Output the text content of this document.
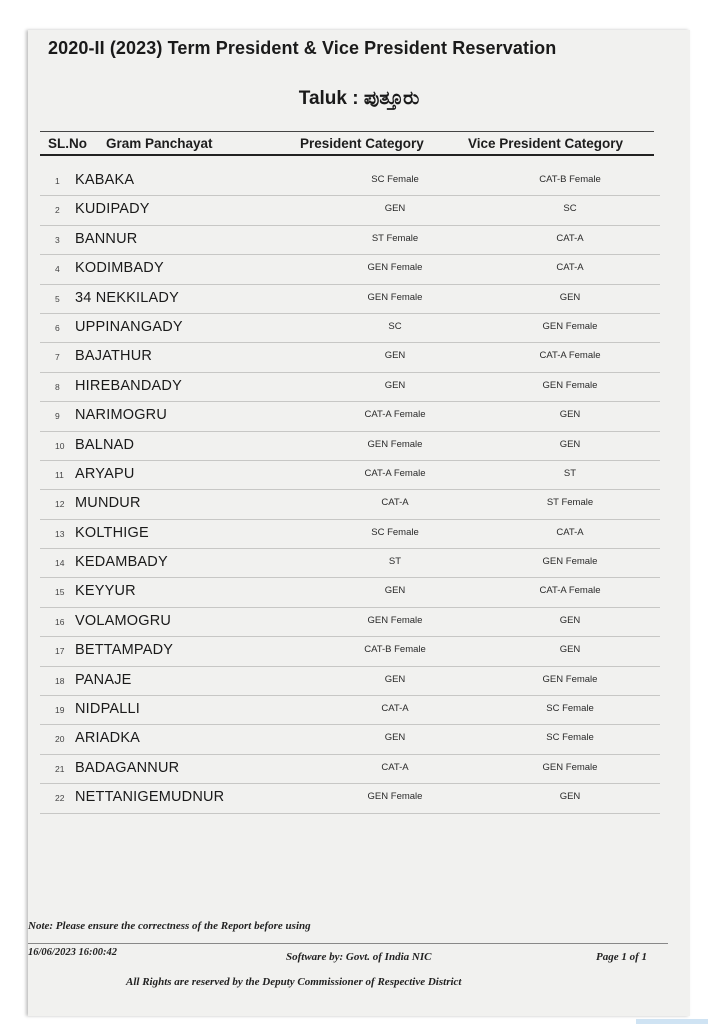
2020-II (2023) Term President & Vice President Reservation
Taluk : ಪುತ್ತೂರು
SL.No Gram Panchayat	President Category	Vice President Category
1 KABAKA	SC Female	CAT-B Female
2 KUDIPADY	GEN	SC
3 BANNUR	ST Female	CAT-A
4 KODIMBADY	GEN Female	CAT-A
5 34 NEKKILADY	GEN Female	GEN
6 UPPINANGADY	SC	GEN Female
7 BAJATHUR	GEN	CAT-A Female
8 HIREBANDADY	GEN	GEN Female
9 NARIMOGRU	CAT-A Female	GEN
10 BALNAD	GEN Female	GEN
11 ARYAPU	CAT-A Female	ST
12 MUNDUR	CAT-A	ST Female
13 KOLTHIGE	SC Female	CAT-A
14 KEDAMBADY	ST	GEN Female
15 KEYYUR	GEN	CAT-A Female
16 VOLAMOGRU	GEN Female	GEN
17 BETTAMPADY	CAT-B Female	GEN
18 PANAJE	GEN	GEN Female
19 NIDPALLI	CAT-A	SC Female
20 ARIADKA	GEN	SC Female
21 BADAGANNUR	CAT-A	GEN Female
22 NETTANIGEMUDNUR	GEN Female	GEN
Note: Please ensure the correctness of the Report before using
16/06/2023 16:00:42	Software by: Govt. of India NIC	Page 1 of 1
All Rights are reserved by the Deputy Commissioner of Respective District
